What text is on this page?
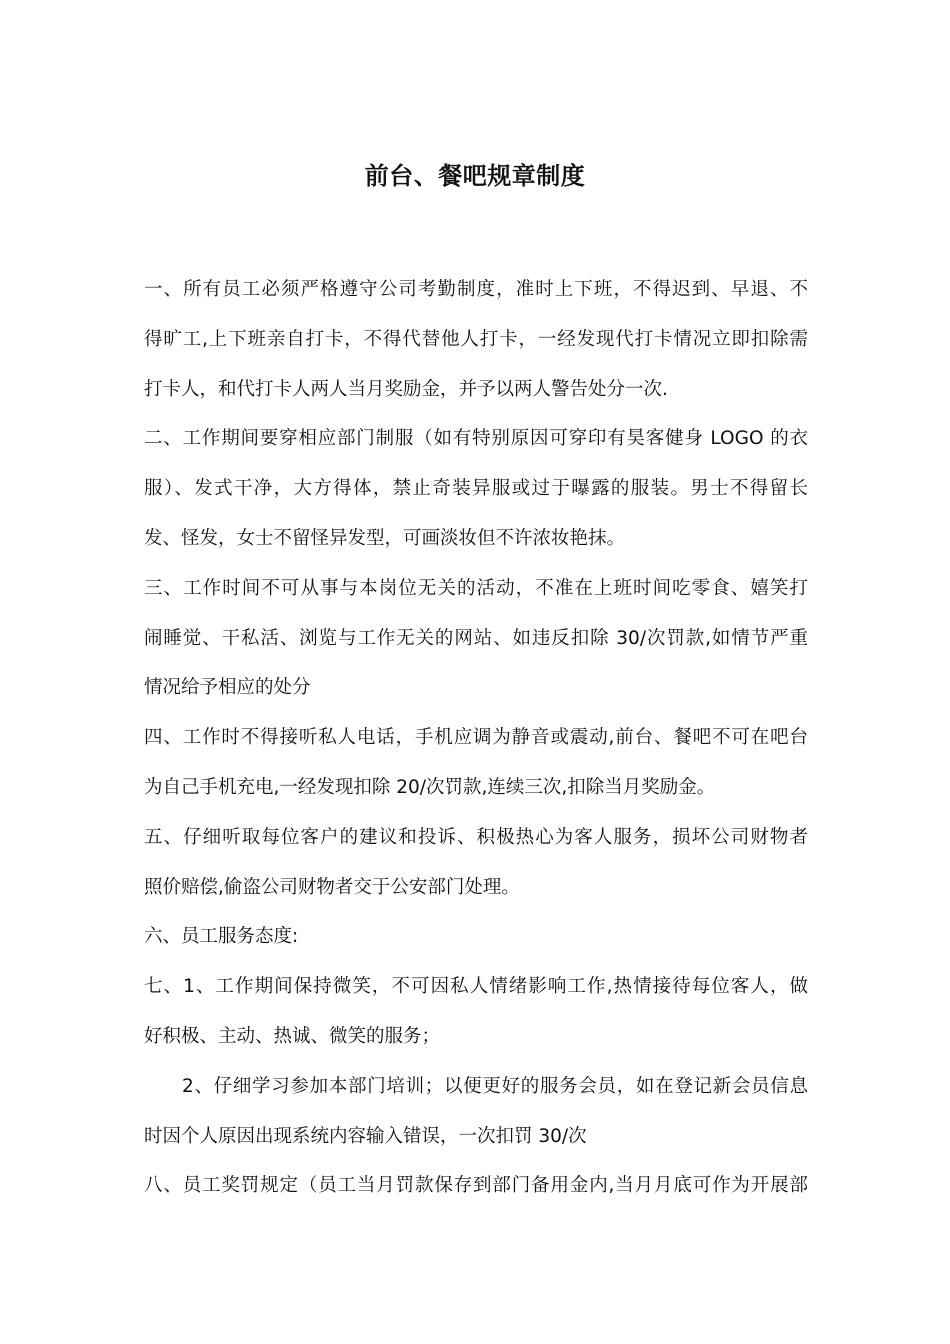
前台、餐吧规章制度
一、所有员工必须严格遵守公司考勤制度，准时上下班，不得迟到、早退、不
得旷工,上下班亲自打卡，不得代替他人打卡，一经发现代打卡情况立即扣除需
打卡人，和代打卡人两人当月奖励金，并予以两人警告处分一次.
二、工作期间要穿相应部门制服（如有特别原因可穿印有昊客健身 LOGO 的衣
服）、发式干净，大方得体，禁止奇装异服或过于曝露的服装。男士不得留长
发、怪发，女士不留怪异发型，可画淡妆但不许浓妆艳抹。
三、工作时间不可从事与本岗位无关的活动，不准在上班时间吃零食、嬉笑打
闹睡觉、干私活、浏览与工作无关的网站、如违反扣除 30/次罚款,如情节严重
情况给予相应的处分
四、工作时不得接听私人电话，手机应调为静音或震动,前台、餐吧不可在吧台
为自己手机充电,一经发现扣除 20/次罚款,连续三次,扣除当月奖励金。
五、仔细听取每位客户的建议和投诉、积极热心为客人服务，损坏公司财物者
照价赔偿,偷盗公司财物者交于公安部门处理。
六、员工服务态度:
七、1、工作期间保持微笑，不可因私人情绪影响工作,热情接待每位客人，做
好积极、主动、热诚、微笑的服务；
2、仔细学习参加本部门培训；以便更好的服务会员，如在登记新会员信息
时因个人原因出现系统内容输入错误，一次扣罚 30/次
八、员工奖罚规定（员工当月罚款保存到部门备用金内,当月月底可作为开展部
